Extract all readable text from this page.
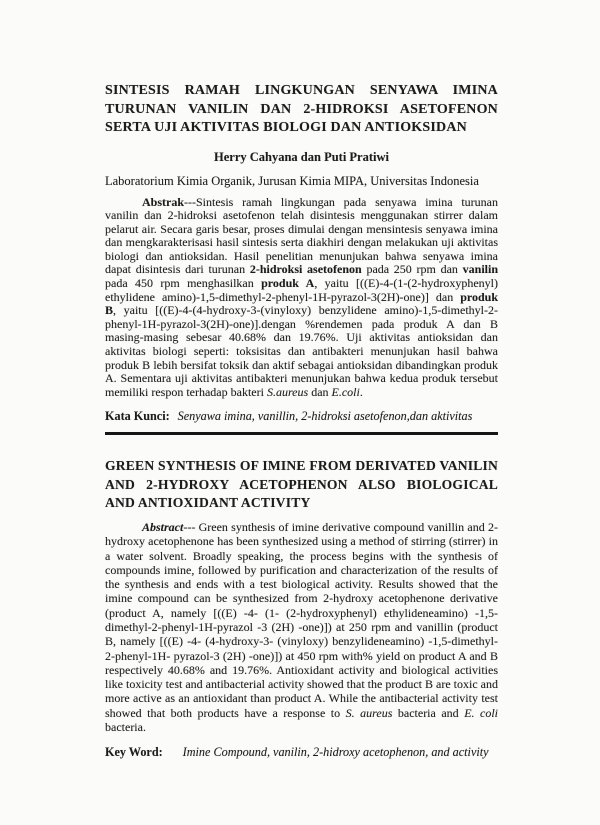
SINTESIS RAMAH LINGKUNGAN SENYAWA IMINA TURUNAN VANILIN DAN 2-HIDROKSI ASETOFENON SERTA UJI AKTIVITAS BIOLOGI DAN ANTIOKSIDAN

Herry Cahyana dan Puti Pratiwi

Laboratorium Kimia Organik, Jurusan Kimia MIPA, Universitas Indonesia

Abstrak---Sintesis ramah lingkungan pada senyawa imina turunan vanilin dan 2-hidroksi asetofenon telah disintesis menggunakan stirrer dalam pelarut air. Secara garis besar, proses dimulai dengan mensintesis senyawa imina dan mengkarakterisasi hasil sintesis serta diakhiri dengan melakukan uji aktivitas biologi dan antioksidan. Hasil penelitian menunjukan bahwa senyawa imina dapat disintesis dari turunan 2-hidroksi asetofenon pada 250 rpm dan vanilin pada 450 rpm menghasilkan produk A, yaitu [((E)-4-(1-(2-hydroxyphenyl) ethylidene amino)-1,5-dimethyl-2-phenyl-1H-pyrazol-3(2H)-one)] dan produk B, yaitu [((E)-4-(4-hydroxy-3-(vinyloxy) benzylidene amino)-1,5-dimethyl-2-phenyl-1H-pyrazol-3(2H)-one)].dengan %rendemen pada produk A dan B masing-masing sebesar 40.68% dan 19.76%. Uji aktivitas antioksidan dan aktivitas biologi seperti: toksisitas dan antibakteri menunjukan hasil bahwa produk B lebih bersifat toksik dan aktif sebagai antioksidan dibandingkan produk A. Sementara uji aktivitas antibakteri menunjukan bahwa kedua produk tersebut memiliki respon terhadap bakteri S.aureus dan E.coli.

Kata Kunci: Senyawa imina, vanillin, 2-hidroksi asetofenon,dan aktivitas

GREEN SYNTHESIS OF IMINE FROM DERIVATED VANILIN AND 2-HYDROXY ACETOPHENON ALSO BIOLOGICAL AND ANTIOXIDANT ACTIVITY

Abstract--- Green synthesis of imine derivative compound vanillin and 2-hydroxy acetophenone has been synthesized using a method of stirring (stirrer) in a water solvent. Broadly speaking, the process begins with the synthesis of compounds imine, followed by purification and characterization of the results of the synthesis and ends with a test biological activity. Results showed that the imine compound can be synthesized from 2-hydroxy acetophenone derivative (product A, namely [((E) -4- (1- (2-hydroxyphenyl) ethylideneamino) -1,5-dimethyl-2-phenyl-1H-pyrazol -3 (2H) -one)]) at 250 rpm and vanillin (product B, namely [((E) -4- (4-hydroxy-3- (vinyloxy) benzylideneamino) -1,5-dimethyl-2-phenyl-1H- pyrazol-3 (2H) -one)]) at 450 rpm with% yield on product A and B respectively 40.68% and 19.76%. Antioxidant activity and biological activities like toxicity test and antibacterial activity showed that the product B are toxic and more active as an antioxidant than product A. While the antibacterial activity test showed that both products have a response to S. aureus bacteria and E. coli bacteria.

Key Word: Imine Compound, vanilin, 2-hidroxy acetophenon, and activity
